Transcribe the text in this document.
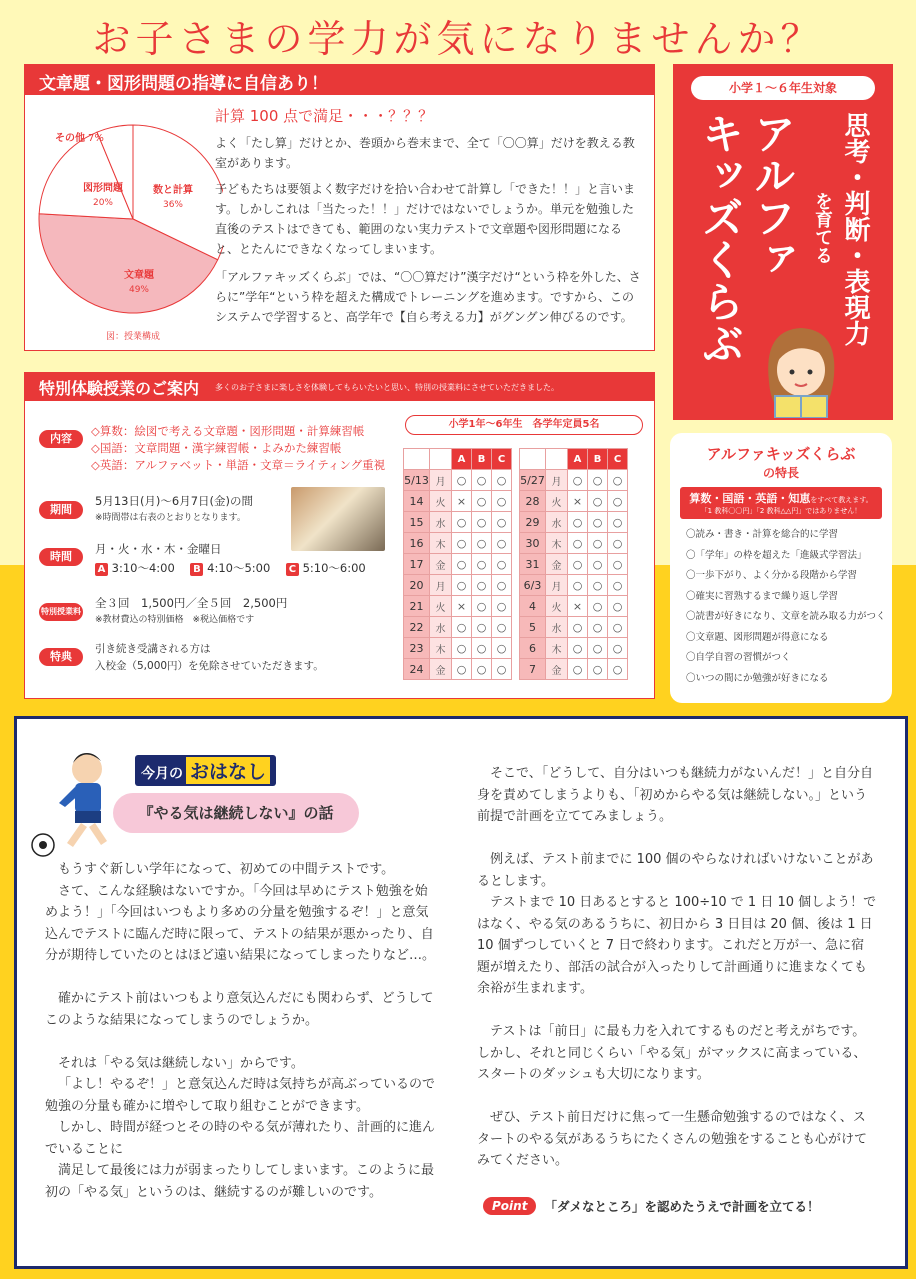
お子さまの学力が気になりませんか？
文章題・図形問題の指導に自信あり！
その他 7%
数と計算
36%
図形問題
20%
文章題
49%
図：授業構成
計算 100 点で満足・・・？？？
よく「たし算」だけとか、巻頭から巻末まで、全て「〇〇算」だけを教える教室があります。
子どもたちは要領よく数字だけを拾い合わせて計算し「できた！！」と言います。しかしこれは「当たった！！」だけではないでしょうか。単元を勉強した直後のテストはできても、範囲のない実力テストで文章題や図形問題になると、とたんにできなくなってしまいます。
「アルファキッズくらぶ」では、“〇〇算だけ”漢字だけ“という枠を外した、さらに”学年“という枠を超えた構成でトレーニングを進めます。ですから、このシステムで学習すると、高学年で【自ら考える力】がグングン伸びるのです。
特別体験授業のご案内 多くのお子さまに楽しさを体験してもらいたいと思い、特別の授業料にさせていただきました。
内容
◇算数：絵図で考える文章題・図形問題・計算練習帳
◇国語：文章問題・漢字練習帳・よみかた練習帳
◇英語：アルファベット・単語・文章＝ライティング重視
期間
5月13日(月)～6月7日(金)の間
※時間帯は右表のとおりとなります。
時間
月・火・水・木・金曜日
A 3:10～4:00 B 4:10～5:00 C 5:10～6:00
特別授業料
全３回　1,500円／全５回　2,500円
※教材費込の特別価格　※税込価格です
特典
引き続き受講される方は
入校金（5,000円）を免除させていただきます。
小学1年～6年生　各学年定員5名
		A	B	C				A	B	C
5/13	月	○	○	○		5/27	月	○	○	○
14	火	×	○	○		28	火	×	○	○
15	水	○	○	○		29	水	○	○	○
16	木	○	○	○		30	木	○	○	○
17	金	○	○	○		31	金	○	○	○
20	月	○	○	○		6/3	月	○	○	○
21	火	×	○	○		4	火	×	○	○
22	水	○	○	○		5	水	○	○	○
23	木	○	○	○		6	木	○	○	○
24	金	○	○	○		7	金	○	○	○
小学１～６年生対象
思考・判断・表現力
を育てる
アルファ
キッズくらぶ
アルファキッズくらぶ
の特長
算数・国語・英語・知恵をすべて教えます。
「1 教科〇〇円」「2 教科△△円」ではありません！
〇読み・書き・計算を総合的に学習
〇「学年」の枠を超えた「進級式学習法」
〇一歩下がり、よく分かる段階から学習
〇確実に習熟するまで繰り返し学習
〇読書が好きになり、文章を読み取る力がつく
〇文章題、図形問題が得意になる
〇自学自習の習慣がつく
〇いつの間にか勉強が好きになる
今月の おはなし
『やる気は継続しない』の話

もうすぐ新しい学年になって、初めての中間テストです。

さて、こんな経験はないですか。「今回は早めにテスト勉強を始めよう！」「今回はいつもより多めの分量を勉強するぞ！」と意気込んでテストに臨んだ時に限って、テストの結果が悪かったり、自分が期待していたのとはほど遠い結果になってしまったりなど…。

確かにテスト前はいつもより意気込んだにも関わらず、どうしてこのような結果になってしまうのでしょうか。

それは「やる気は継続しない」からです。

「よし！やるぞ！」と意気込んだ時は気持ちが高ぶっているので勉強の分量も確かに増やして取り組むことができます。

しかし、時間が経つとその時のやる気が薄れたり、計画的に進んでいることに

満足して最後には力が弱まったりしてしまいます。このように最初の「やる気」というのは、継続するのが難しいのです。

そこで、「どうして、自分はいつも継続力がないんだ！」と自分自身を責めてしまうよりも、「初めからやる気は継続しない。」という前提で計画を立ててみましょう。

例えば、テスト前までに 100 個のやらなければいけないことがあるとします。

テストまで 10 日あるとすると 100÷10 で 1 日 10 個しよう！ではなく、やる気のあるうちに、初日から 3 日目は 20 個、後は 1 日 10 個ずつしていくと 7 日で終わります。これだと万が一、急に宿題が増えたり、部活の試合が入ったりして計画通りに進まなくても余裕が生まれます。

テストは「前日」に最も力を入れてするものだと考えがちです。しかし、それと同じくらい「やる気」がマックスに高まっている、スタートのダッシュも大切になります。

ぜひ、テスト前日だけに焦って一生懸命勉強するのではなく、スタートのやる気があるうちにたくさんの勉強をすることも心がけてみてください。

Point	「ダメなところ」を認めたうえで計画を立てる！
